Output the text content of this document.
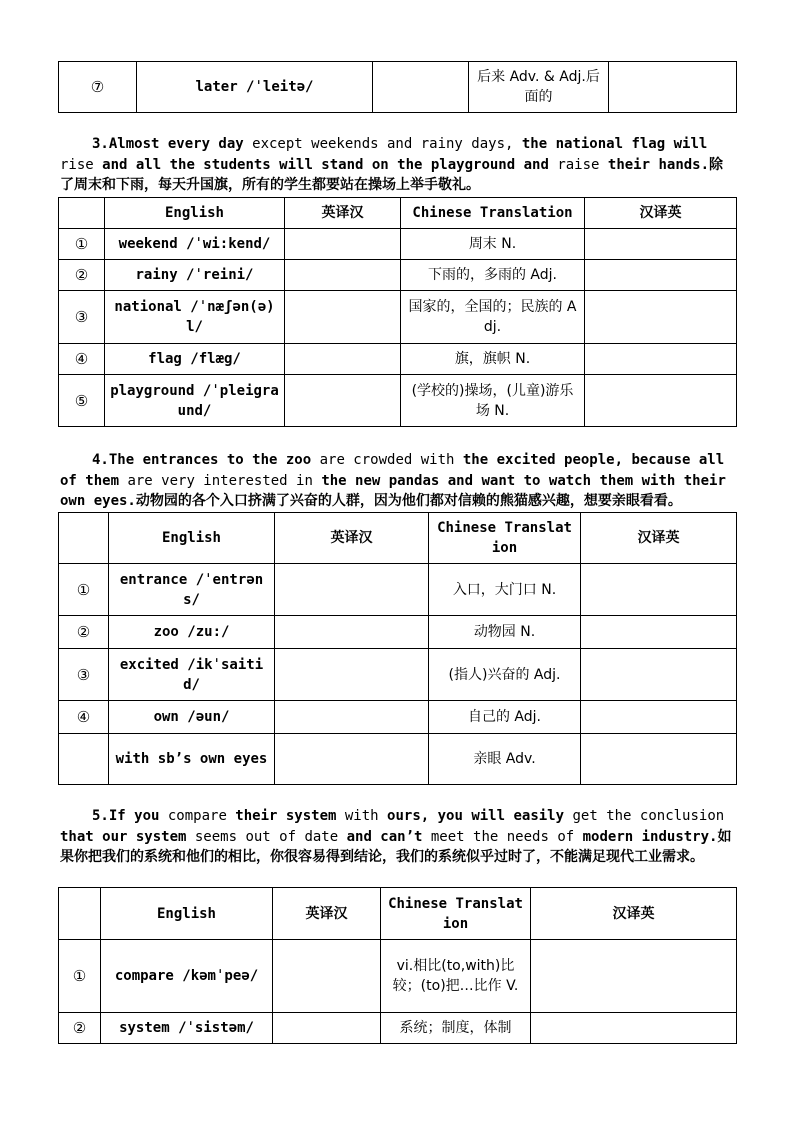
⑦	later /ˈleitə/		后来 Adv. & Adj.后面的	
3.Almost every day except weekends and rainy days, the national flag will rise and all the students will stand on the playground and raise their hands.除了周末和下雨，每天升国旗，所有的学生都要站在操场上举手敬礼。
	English	英译汉	Chinese Translation	汉译英
①	weekend /ˈwi:kend/		周末 N.	
②	rainy /ˈreini/		下雨的，多雨的 Adj.	
③	national /ˈnæʃən(ə)l/		国家的，全国的；民族的 Adj.	
④	flag /flæg/		旗，旗帜 N.	
⑤	playground /ˈpleigraund/		(学校的)操场，(儿童)游乐场 N.	
4.The entrances to the zoo are crowded with the excited people, because all of them are very interested in the new pandas and want to watch them with their own eyes.动物园的各个入口挤满了兴奋的人群，因为他们都对信赖的熊猫感兴趣，想要亲眼看看。
	English	英译汉	Chinese Translation	汉译英
①	entrance /ˈentrəns/		入口，大门口 N.	
②	zoo /zu:/		动物园 N.	
③	excited /ikˈsaitid/		(指人)兴奋的 Adj.	
④	own /əun/		自己的 Adj.	
	with sb’s own eyes		亲眼 Adv.	
5.If you compare their system with ours, you will easily get the conclusion that our system seems out of date and can’t meet the needs of modern industry.如果你把我们的系统和他们的相比，你很容易得到结论，我们的系统似乎过时了，不能满足现代工业需求。
	English	英译汉	Chinese Translation	汉译英
①	compare /kəmˈpeə/		vi.相比(to,with)比较；(to)把…比作 V.	
②	system /ˈsistəm/		系统；制度，体制	
